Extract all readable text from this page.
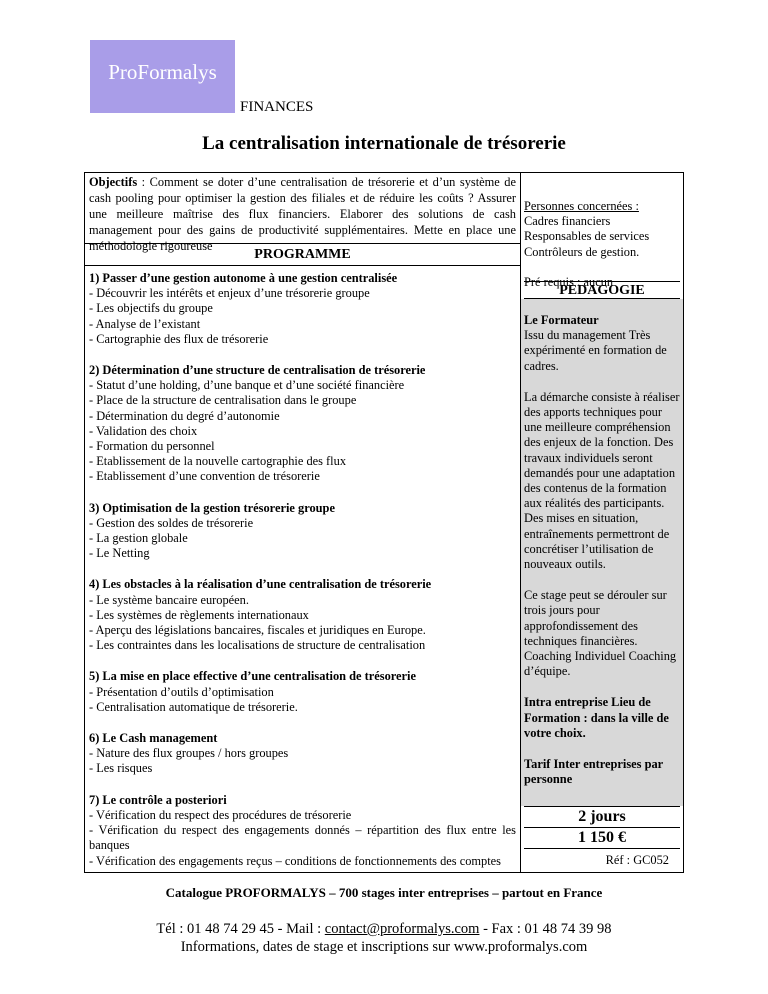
ProFormalys
FINANCES
La centralisation internationale de trésorerie
Objectifs : Comment se doter d’une centralisation de trésorerie et d’un système de cash pooling pour optimiser la gestion des filiales et de réduire les coûts ? Assurer une meilleure maîtrise des flux financiers. Elaborer des solutions de cash management pour des gains de productivité supplémentaires. Mette en place une méthodologie rigoureuse
PROGRAMME
1) Passer d’une gestion autonome à une gestion centralisée
- Découvrir les intérêts et enjeux d’une trésorerie groupe
- Les objectifs du groupe
- Analyse de l’existant
- Cartographie des flux de trésorerie
2) Détermination d’une structure de centralisation de trésorerie
- Statut d’une holding, d’une banque et d’une société financière
- Place de la structure de centralisation dans le groupe
- Détermination du degré d’autonomie
- Validation des choix
- Formation du personnel
- Etablissement de la nouvelle cartographie des flux
- Etablissement d’une convention de trésorerie
3) Optimisation de la gestion trésorerie groupe
- Gestion des soldes de trésorerie
- La gestion globale
- Le Netting
4) Les obstacles à la réalisation d’une centralisation de trésorerie
- Le système bancaire européen.
- Les systèmes de règlements internationaux
- Aperçu des législations bancaires, fiscales et juridiques en Europe.
- Les contraintes dans les localisations de structure de centralisation
5) La mise en place effective d’une centralisation de trésorerie
- Présentation d’outils d’optimisation
- Centralisation automatique de trésorerie.
6) Le Cash management
- Nature des flux groupes / hors groupes
- Les risques
7) Le contrôle a posteriori
- Vérification du respect des procédures de trésorerie
- Vérification du respect des engagements donnés – répartition des flux entre les banques
- Vérification des engagements reçus – conditions de fonctionnements des comptes
Personnes concernées :
Cadres financiers
Responsables de services
Contrôleurs de gestion.
Pré requis : aucun
PEDAGOGIE
Le Formateur
Issu du management Très expérimenté en formation de cadres.
La démarche consiste à réaliser des apports techniques pour une meilleure compréhension des enjeux de la fonction. Des travaux individuels seront demandés pour une adaptation des contenus de la formation aux réalités des participants. Des mises en situation, entraînements permettront de concrétiser l’utilisation de nouveaux outils.
Ce stage peut se dérouler sur trois jours pour approfondissement des techniques financières. Coaching Individuel Coaching d’équipe.
Intra entreprise Lieu de Formation : dans la ville de votre choix.
Tarif Inter entreprises par personne
2 jours
1 150 €
Réf : GC052
Catalogue PROFORMALYS – 700 stages inter entreprises – partout en France
Tél : 01 48 74 29 45 - Mail : contact@proformalys.com - Fax : 01 48 74 39 98
Informations, dates de stage et inscriptions sur www.proformalys.com
